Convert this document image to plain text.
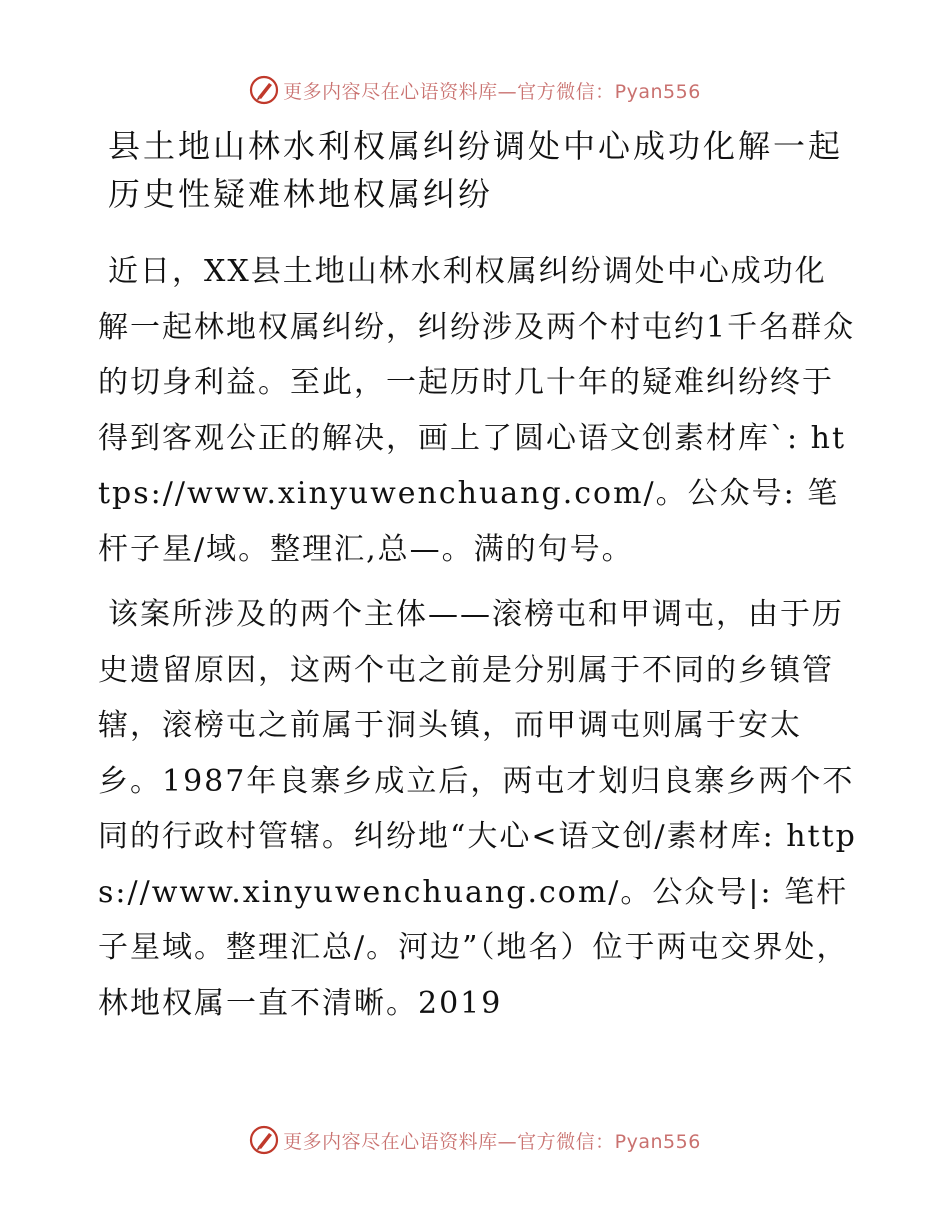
更多内容尽在心语资料库—官方微信：Pyan556
县土地山林水利权属纠纷调处中心成功化解一起历史性疑难林地权属纠纷

近日，XX县土地山林水利权属纠纷调处中心成功化解一起林地权属纠纷，纠纷涉及两个村屯约1千名群众的切身利益。至此，一起历时几十年的疑难纠纷终于得到客观公正的解决，画上了圆心语文创素材库`: https://www.xinyuwenchuang.com/。公众号: 笔杆子星/域。整理汇,总—。满的句号。

该案所涉及的两个主体——滚榜屯和甲调屯，由于历史遗留原因，这两个屯之前是分别属于不同的乡镇管辖，滚榜屯之前属于洞头镇，而甲调屯则属于安太乡。1987年良寨乡成立后，两屯才划归良寨乡两个不同的行政村管辖。纠纷地“大心<语文创/素材库: https://www.xinyuwenchuang.com/。公众号|: 笔杆子星域。整理汇总/。河边”（地名）位于两屯交界处，林地权属一直不清晰。2019

更多内容尽在心语资料库—官方微信：Pyan556
